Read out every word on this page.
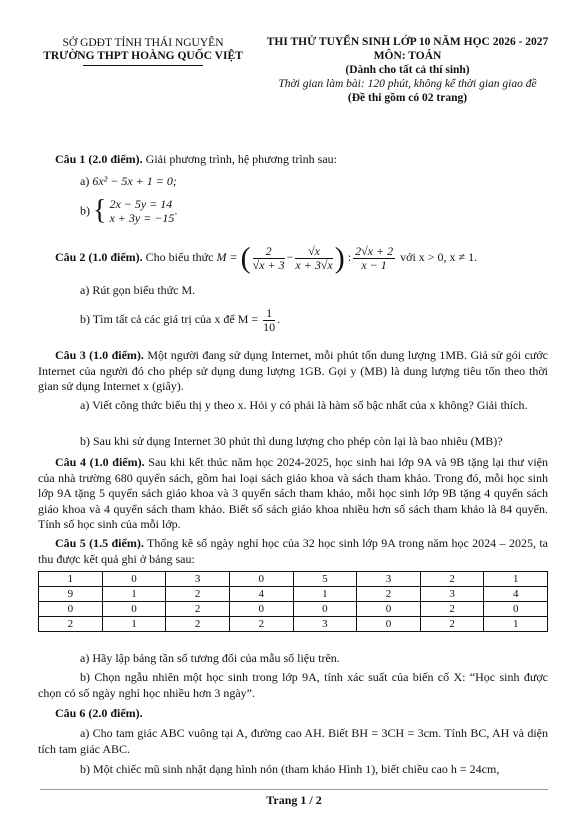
SỞ GDĐT TỈNH THÁI NGUYÊN
TRƯỜNG THPT HOÀNG QUỐC VIỆT
THI THỬ TUYỂN SINH LỚP 10 NĂM HỌC 2026 - 2027
MÔN: TOÁN
(Dành cho tất cả thí sinh)
Thời gian làm bài: 120 phút, không kể thời gian giao đề
(Đề thi gồm có 02 trang)
Câu 1 (2.0 điểm). Giải phương trình, hệ phương trình sau:
a) 6x² − 5x + 1 = 0;
b) { 2x − 5y = 14
x + 3y = −15
.
Câu 2 (1.0 điểm). Cho biểu thức M = ( $\frac{2}{√x + 3} - \frac{√x}{x + 3√x}$ ) : $\frac{2√x + 2}{x - 1}$ với x > 0, x ≠ 1.
a) Rút gọn biểu thức M.
b) Tìm tất cả các giá trị của x để $M = \frac{1}{10}$ .
Câu 3 (1.0 điểm). Một người đang sử dụng Internet, mỗi phút tốn dung lượng 1MB. Giả sử gói cước Internet của người đó cho phép sử dụng dung lượng 1GB. Gọi y (MB) là dung lượng tiêu tốn theo thời gian sử dụng Internet x (giây).
a) Viết công thức biểu thị y theo x. Hỏi y có phải là hàm số bậc nhất của x không? Giải thích.
b) Sau khi sử dụng Internet 30 phút thì dung lượng cho phép còn lại là bao nhiêu (MB)?
Câu 4 (1.0 điểm). Sau khi kết thúc năm học 2024-2025, học sinh hai lớp 9A và 9B tặng lại thư viện của nhà trường 680 quyển sách, gồm hai loại sách giáo khoa và sách tham khảo. Trong đó, mỗi học sinh lớp 9A tặng 5 quyển sách giáo khoa và 3 quyển sách tham khảo, mỗi học sinh lớp 9B tặng 4 quyển sách giáo khoa và 4 quyển sách tham khảo. Biết số sách giáo khoa nhiều hơn số sách tham khảo là 84 quyển. Tính số học sinh của mỗi lớp.
Câu 5 (1.5 điểm). Thống kê số ngày nghỉ học của 32 học sinh lớp 9A trong năm học 2024 – 2025, ta thu được kết quả ghi ở bảng sau:
1	0	3	0	5	3	2	1
9	1	2	4	1	2	3	4
0	0	2	0	0	0	2	0
2	1	2	2	3	0	2	1
a) Hãy lập bảng tần số tương đối của mẫu số liệu trên.
b) Chọn ngẫu nhiên một học sinh trong lớp 9A, tính xác suất của biến cố X: “Học sinh được chọn có số ngày nghỉ học nhiều hơn 3 ngày”.
Câu 6 (2.0 điểm).
a) Cho tam giác ABC vuông tại A, đường cao AH. Biết BH = 3CH = 3cm. Tính BC, AH và diện tích tam giác ABC.
b) Một chiếc mũ sinh nhật dạng hình nón (tham khảo Hình 1), biết chiều cao h = 24cm,
Trang 1 / 2
